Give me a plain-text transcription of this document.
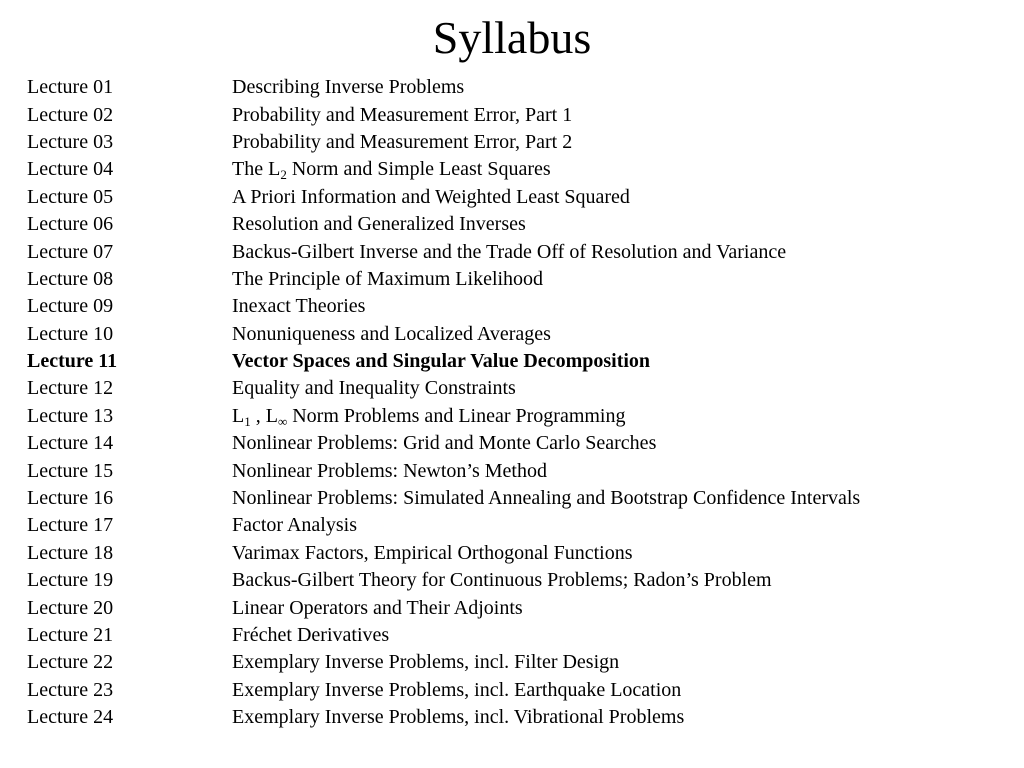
Syllabus
Lecture 01	Describing Inverse Problems
Lecture 02	Probability and Measurement Error, Part 1
Lecture 03	Probability and Measurement Error, Part 2
Lecture 04	The $L_2$ Norm and Simple Least Squares
Lecture 05	A Priori Information and Weighted Least Squared
Lecture 06	Resolution and Generalized Inverses
Lecture 07	Backus-Gilbert Inverse and the Trade Off of Resolution and Variance
Lecture 08	The Principle of Maximum Likelihood
Lecture 09	Inexact Theories
Lecture 10	Nonuniqueness and Localized Averages
Lecture 11	Vector Spaces and Singular Value Decomposition
Lecture 12	Equality and Inequality Constraints
Lecture 13	$L_1$ , $L_\infty$ Norm Problems and Linear Programming
Lecture 14	Nonlinear Problems: Grid and Monte Carlo Searches
Lecture 15	Nonlinear Problems: Newton’s Method
Lecture 16	Nonlinear Problems: Simulated Annealing and Bootstrap Confidence Intervals
Lecture 17	Factor Analysis
Lecture 18	Varimax Factors, Empirical Orthogonal Functions
Lecture 19	Backus-Gilbert Theory for Continuous Problems; Radon’s Problem
Lecture 20	Linear Operators and Their Adjoints
Lecture 21	Fréchet Derivatives
Lecture 22	Exemplary Inverse Problems, incl. Filter Design
Lecture 23	Exemplary Inverse Problems, incl. Earthquake Location
Lecture 24	Exemplary Inverse Problems, incl. Vibrational Problems
